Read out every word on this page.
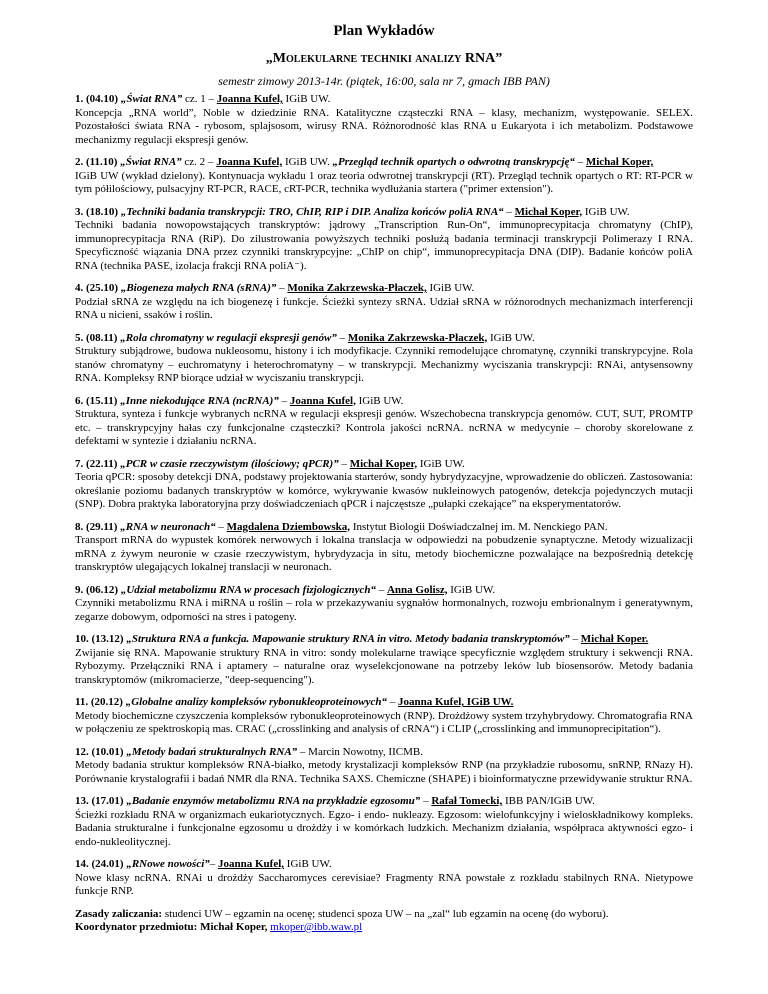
Plan Wykładów
„Molekularne techniki analizy RNA”
semestr zimowy 2013-14r. (piątek, 16:00, sala nr 7, gmach IBB PAN)

1. (04.10) „Świat RNA” cz. 1 – Joanna Kufel, IGiB UW.

Koncepcja „RNA world”, Noble w dziedzinie RNA. Katalityczne cząsteczki RNA – klasy, mechanizm, występowanie. SELEX. Pozostałości świata RNA - rybosom, splajsosom, wirusy RNA. Różnorodność klas RNA u Eukaryota i ich metabolizm. Podstawowe mechanizmy regulacji ekspresji genów.

2. (11.10) „Świat RNA” cz. 2 – Joanna Kufel, IGiB UW. „Przegląd technik opartych o odwrotną transkrypcję“ – Michał Koper,

IGiB UW (wykład dzielony). Kontynuacja wykładu 1 oraz teoria odwrotnej transkrypcji (RT). Przegląd technik opartych o RT: RT-PCR w tym półilościowy, pulsacyjny RT-PCR, RACE, cRT-PCR, technika wydłużania startera ("primer extension").

3. (18.10) „Techniki badania transkrypcji: TRO, ChIP, RIP i DIP. Analiza końców poliA RNA“ – Michał Koper, IGiB UW.

Techniki badania nowopowstających transkryptów: jądrowy „Transcription Run-On“, immunoprecypitacja chromatyny (ChIP), immunoprecypitacja RNA (RiP). Do zilustrowania powyższych techniki posłużą badania terminacji transkrypcji Polimerazy I RNA. Specyficzność wiązania DNA przez czynniki transkrypcyjne: „ChIP on chip“, immunoprecypitacja DNA (DIP). Badanie końców poliA RNA (technika PASE, izolacja frakcji RNA poliA⁻).

4. (25.10) „Biogeneza małych RNA (sRNA)” – Monika Zakrzewska-Płaczek, IGiB UW.

Podział sRNA ze względu na ich biogenezę i funkcje. Ścieżki syntezy sRNA. Udział sRNA w różnorodnych mechanizmach interferencji RNA u nicieni, ssaków i roślin.

5. (08.11) „Rola chromatyny w regulacji ekspresji genów” – Monika Zakrzewska-Płaczek, IGiB UW.

Struktury subjądrowe, budowa nukleosomu, histony i ich modyfikacje. Czynniki remodelujące chromatynę, czynniki transkrypcyjne. Rola stanów chromatyny – euchromatyny i heterochromatyny – w transkrypcji. Mechanizmy wyciszania transkrypcji: RNAi, antysensowny RNA. Kompleksy RNP biorące udział w wyciszaniu transkrypcji.

6. (15.11) „Inne niekodujące RNA (ncRNA)” – Joanna Kufel, IGiB UW.

Struktura, synteza i funkcje wybranych ncRNA w regulacji ekspresji genów. Wszechobecna transkrypcja genomów. CUT, SUT, PROMTP etc. – transkrypcyjny hałas czy funkcjonalne cząsteczki? Kontrola jakości ncRNA. ncRNA w medycynie – choroby skorelowane z defektami w syntezie i działaniu ncRNA.

7. (22.11) „PCR w czasie rzeczywistym (ilościowy; qPCR)” – Michał Koper, IGiB UW.

Teoria qPCR: sposoby detekcji DNA, podstawy projektowania starterów, sondy hybrydyzacyjne, wprowadzenie do obliczeń. Zastosowania: określanie poziomu badanych transkryptów w komórce, wykrywanie kwasów nukleinowych patogenów, detekcja pojedynczych mutacji (SNP). Dobra praktyka laboratoryjna przy doświadczeniach qPCR i najczęstsze „pułapki czekające” na eksperymentatorów.

8. (29.11) „RNA w neuronach“ – Magdalena Dziembowska, Instytut Biologii Doświadczalnej im. M. Nenckiego PAN.

Transport mRNA do wypustek komórek nerwowych i lokalna translacja w odpowiedzi na pobudzenie synaptyczne. Metody wizualizacji mRNA z żywym neuronie w czasie rzeczywistym, hybrydyzacja in situ, metody biochemiczne pozwalające na bezpośrednią detekcję transkryptów ulegających lokalnej translacji w neuronach.

9. (06.12) „Udział metabolizmu RNA w procesach fizjologicznych“ – Anna Golisz, IGiB UW.

Czynniki metabolizmu RNA i miRNA u roślin – rola w przekazywaniu sygnałów hormonalnych, rozwoju embrionalnym i generatywnym, zegarze dobowym, odporności na stres i patogeny.

10. (13.12) „Struktura RNA a funkcja. Mapowanie struktury RNA in vitro. Metody badania transkryptomów” – Michał Koper.

Zwijanie się RNA. Mapowanie struktury RNA in vitro: sondy molekularne trawiące specyficznie względem struktury i sekwencji RNA. Rybozymy. Przełączniki RNA i aptamery – naturalne oraz wyselekcjonowane na potrzeby leków lub biosensorów. Metody badania transkryptomów (mikromacierze, "deep-sequencing").

11. (20.12) „Globalne analizy kompleksów rybonukleoproteinowych“ – Joanna Kufel, IGiB UW.

Metody biochemiczne czyszczenia kompleksów rybonukleoproteinowych (RNP). Drożdżowy system trzyhybrydowy. Chromatografia RNA w połączeniu ze spektroskopią mas. CRAC („crosslinking and analysis of cRNA“) i CLIP („crosslinking and immunoprecipitation“).

12. (10.01) „Metody badań strukturalnych RNA” – Marcin Nowotny, IICMB.

Metody badania struktur kompleksów RNA-białko, metody krystalizacji kompleksów RNP (na przykładzie rubosomu, snRNP, RNazy H). Porównanie krystalografii i badań NMR dla RNA. Technika SAXS. Chemiczne (SHAPE) i bioinformatyczne przewidywanie struktur RNA.

13. (17.01) „Badanie enzymów metabolizmu RNA na przykładzie egzosomu” – Rafał Tomecki, IBB PAN/IGiB UW.

Ścieżki rozkładu RNA w organizmach eukariotycznych. Egzo- i endo- nukleazy. Egzosom: wielofunkcyjny i wieloskładnikowy kompleks. Badania strukturalne i funkcjonalne egzosomu u drożdży i w komórkach ludzkich. Mechanizm działania, współpraca aktywności egzo- i endo-nukleolitycznej.

14. (24.01) „RNowe nowości”– Joanna Kufel, IGiB UW.

Nowe klasy ncRNA. RNAi u drożdży Saccharomyces cerevisiae? Fragmenty RNA powstałe z rozkładu stabilnych RNA. Nietypowe funkcje RNP.

Zasady zaliczania: studenci UW – egzamin na ocenę; studenci spoza UW – na „zal“ lub egzamin na ocenę (do wyboru).

Koordynator przedmiotu: Michał Koper, mkoper@ibb.waw.pl
